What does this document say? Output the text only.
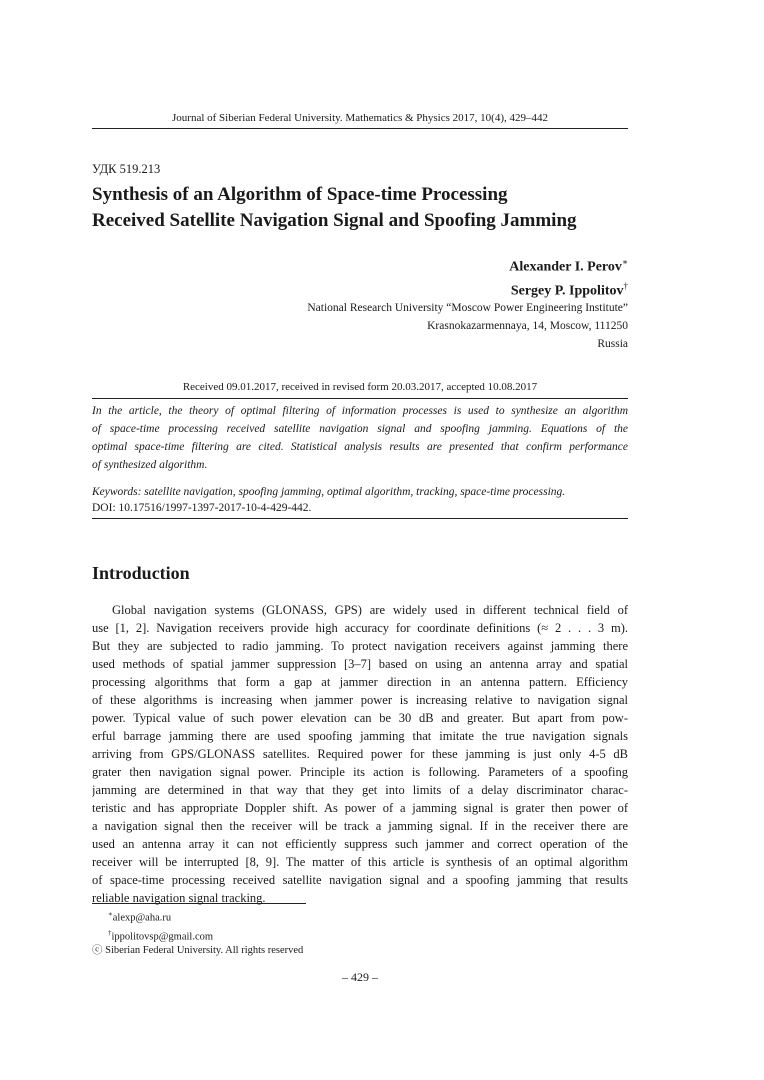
Journal of Siberian Federal University. Mathematics & Physics 2017, 10(4), 429–442
УДК 519.213
Synthesis of an Algorithm of Space-time Processing
Received Satellite Navigation Signal and Spoofing Jamming
Alexander I. Perov∗
Sergey P. Ippolitov†
National Research University “Moscow Power Engineering Institute”
Krasnokazarmennaya, 14, Moscow, 111250
Russia
Received 09.01.2017, received in revised form 20.03.2017, accepted 10.08.2017
In the article, the theory of optimal filtering of information processes is used to synthesize an algorithm
of space-time processing received satellite navigation signal and spoofing jamming. Equations of the
optimal space-time filtering are cited. Statistical analysis results are presented that confirm performance
of synthesized algorithm.
Keywords: satellite navigation, spoofing jamming, optimal algorithm, tracking, space-time processing.
DOI: 10.17516/1997-1397-2017-10-4-429-442.
Introduction
Global navigation systems (GLONASS, GPS) are widely used in different technical field of
use [1, 2]. Navigation receivers provide high accuracy for coordinate definitions (≈ 2 . . . 3 m).
But they are subjected to radio jamming. To protect navigation receivers against jamming there
used methods of spatial jammer suppression [3–7] based on using an antenna array and spatial
processing algorithms that form a gap at jammer direction in an antenna pattern. Efficiency
of these algorithms is increasing when jammer power is increasing relative to navigation signal
power. Typical value of such power elevation can be 30 dB and greater. But apart from pow-
erful barrage jamming there are used spoofing jamming that imitate the true navigation signals
arriving from GPS/GLONASS satellites. Required power for these jamming is just only 4-5 dB
grater then navigation signal power. Principle its action is following. Parameters of a spoofing
jamming are determined in that way that they get into limits of a delay discriminator charac-
teristic and has appropriate Doppler shift. As power of a jamming signal is grater then power of
a navigation signal then the receiver will be track a jamming signal. If in the receiver there are
used an antenna array it can not efficiently suppress such jammer and correct operation of the
receiver will be interrupted [8, 9]. The matter of this article is synthesis of an optimal algorithm
of space-time processing received satellite navigation signal and a spoofing jamming that results
reliable navigation signal tracking.
∗alexp@aha.ru
†ippolitovsp@gmail.com
ⓒ Siberian Federal University. All rights reserved
– 429 –
